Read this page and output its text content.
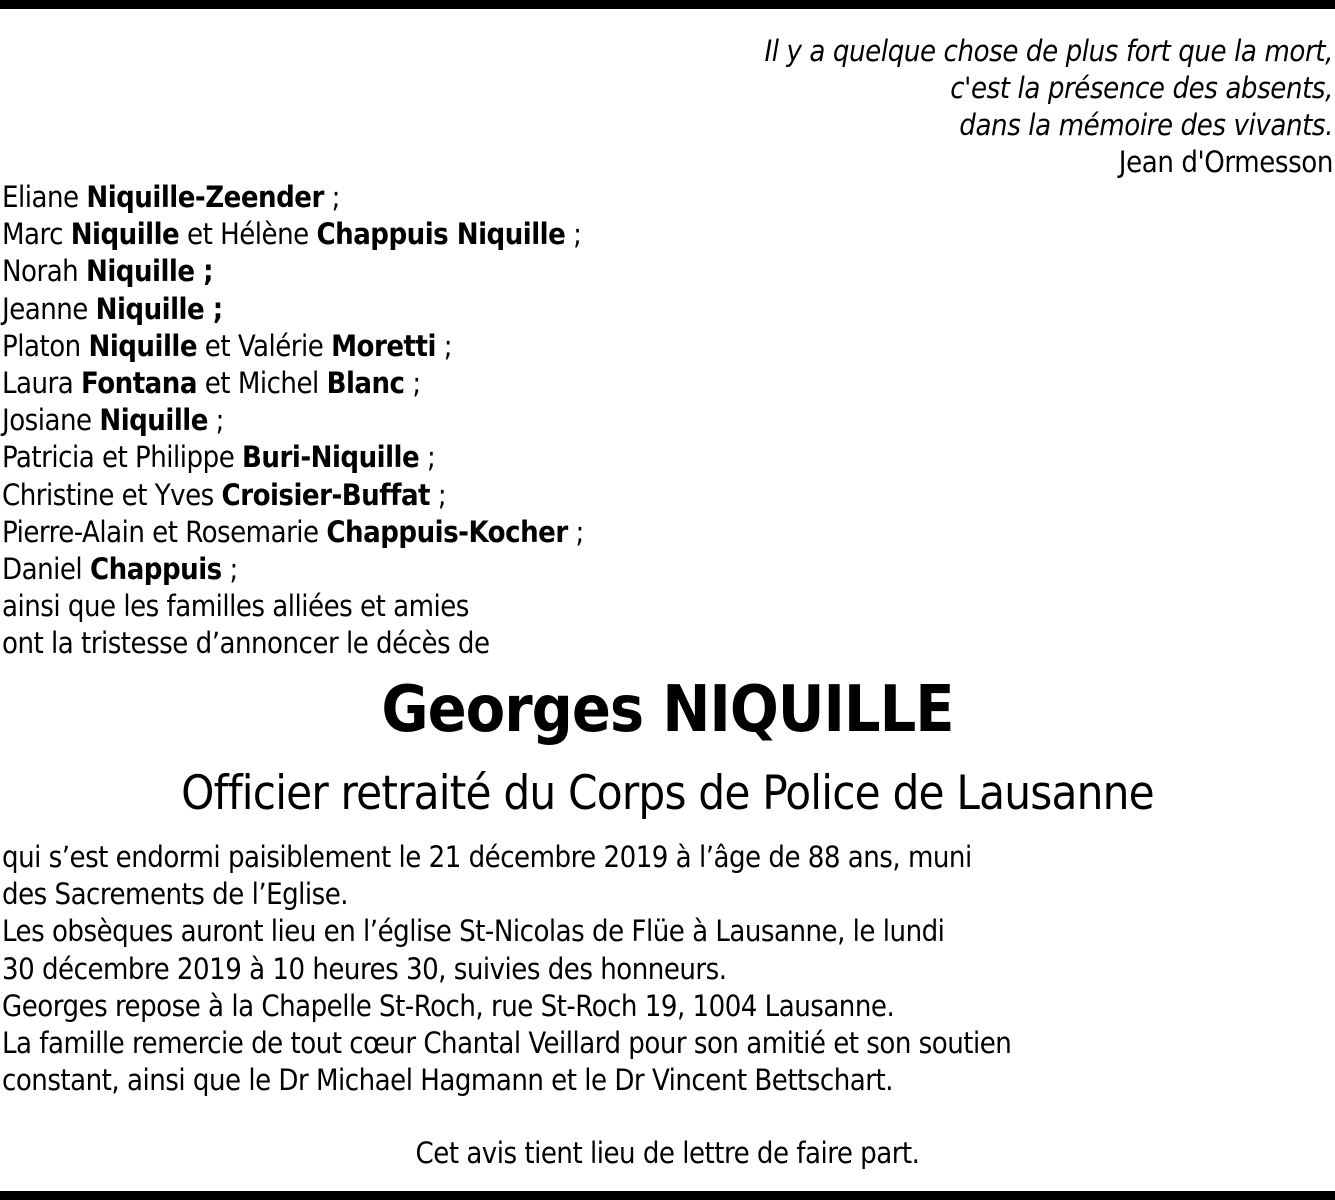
Il y a quelque chose de plus fort que la mort,
c'est la présence des absents,
dans la mémoire des vivants.
Jean d'Ormesson
Eliane Niquille-Zeender ;
Marc Niquille et Hélène Chappuis Niquille ;
Norah Niquille ;
Jeanne Niquille ;
Platon Niquille et Valérie Moretti ;
Laura Fontana et Michel Blanc ;
Josiane Niquille ;
Patricia et Philippe Buri-Niquille ;
Christine et Yves Croisier-Buffat ;
Pierre-Alain et Rosemarie Chappuis-Kocher ;
Daniel Chappuis ;
ainsi que les familles alliées et amies
ont la tristesse d’annoncer le décès de
Georges NIQUILLE
Officier retraité du Corps de Police de Lausanne
qui s’est endormi paisiblement le 21 décembre 2019 à l’âge de 88 ans, muni
des Sacrements de l’Eglise.
Les obsèques auront lieu en l’église St-Nicolas de Flüe à Lausanne, le lundi
30 décembre 2019 à 10 heures 30, suivies des honneurs.
Georges repose à la Chapelle St-Roch, rue St-Roch 19, 1004 Lausanne.
La famille remercie de tout cœur Chantal Veillard pour son amitié et son soutien
constant, ainsi que le Dr Michael Hagmann et le Dr Vincent Bettschart.
Cet avis tient lieu de lettre de faire part.
